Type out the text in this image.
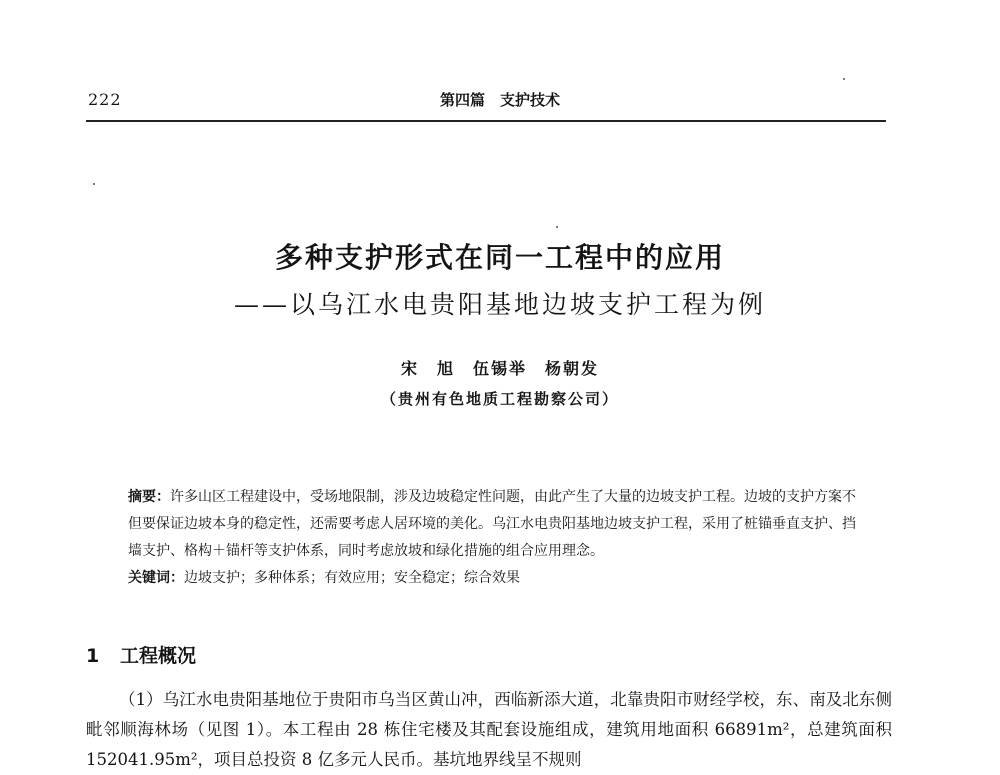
222	第四篇　支护技术
多种支护形式在同一工程中的应用
——以乌江水电贵阳基地边坡支护工程为例
宋　旭　伍锡举　杨朝发
（贵州有色地质工程勘察公司）

摘要：许多山区工程建设中，受场地限制，涉及边坡稳定性问题，由此产生了大量的边坡支护工程。边坡的支护方案不但要保证边坡本身的稳定性，还需要考虑人居环境的美化。乌江水电贵阳基地边坡支护工程，采用了桩锚垂直支护、挡墙支护、格构＋锚杆等支护体系，同时考虑放坡和绿化措施的组合应用理念。

关键词：边坡支护；多种体系；有效应用；安全稳定；综合效果

1 工程概况

（1）乌江水电贵阳基地位于贵阳市乌当区黄山冲，西临新添大道，北靠贵阳市财经学校，东、南及北东侧毗邻顺海林场（见图 1）。本工程由 28 栋住宅楼及其配套设施组成，建筑用地面积 66891m²，总建筑面积 152041.95m²，项目总投资 8 亿多元人民币。基坑地界线呈不规则
